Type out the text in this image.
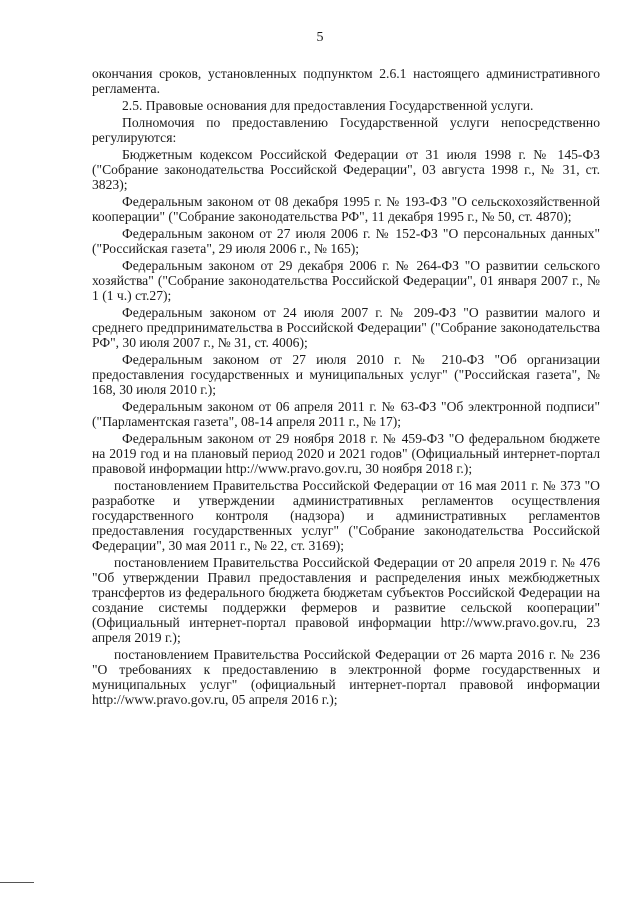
5

окончания сроков, установленных подпунктом 2.6.1 настоящего административного регламента.

2.5. Правовые основания для предоставления Государственной услуги.

Полномочия по предоставлению Государственной услуги непосредственно регулируются:

Бюджетным кодексом Российской Федерации от 31 июля 1998 г. № 145-ФЗ ("Собрание законодательства Российской Федерации", 03 августа 1998 г., № 31, ст. 3823);

Федеральным законом от 08 декабря 1995 г. № 193-ФЗ "О сельскохозяйственной кооперации" ("Собрание законодательства РФ", 11 декабря 1995 г., № 50, ст. 4870);

Федеральным законом от 27 июля 2006 г. № 152-ФЗ "О персональных данных" ("Российская газета", 29 июля 2006 г., № 165);

Федеральным законом от 29 декабря 2006 г. № 264-ФЗ "О развитии сельского хозяйства" ("Собрание законодательства Российской Федерации", 01 января 2007 г., № 1 (1 ч.) ст.27);

Федеральным законом от 24 июля 2007 г. № 209-ФЗ "О развитии малого и среднего предпринимательства в Российской Федерации" ("Собрание законодательства РФ", 30 июля 2007 г., № 31, ст. 4006);

Федеральным законом от 27 июля 2010 г. № 210-ФЗ "Об организации предоставления государственных и муниципальных услуг" ("Российская газета", № 168, 30 июля 2010 г.);

Федеральным законом от 06 апреля 2011 г. № 63-ФЗ "Об электронной подписи" ("Парламентская газета", 08-14 апреля 2011 г., № 17);

Федеральным законом от 29 ноября 2018 г. № 459-ФЗ "О федеральном бюджете на 2019 год и на плановый период 2020 и 2021 годов" (Официальный интернет-портал правовой информации http://www.pravo.gov.ru, 30 ноября 2018 г.);

постановлением Правительства Российской Федерации от 16 мая 2011 г. № 373 "О разработке и утверждении административных регламентов осуществления государственного контроля (надзора) и административных регламентов предоставления государственных услуг" ("Собрание законодательства Российской Федерации", 30 мая 2011 г., № 22, ст. 3169);

постановлением Правительства Российской Федерации от 20 апреля 2019 г. № 476 "Об утверждении Правил предоставления и распределения иных межбюджетных трансфертов из федерального бюджета бюджетам субъектов Российской Федерации на создание системы поддержки фермеров и развитие сельской кооперации" (Официальный интернет-портал правовой информации http://www.pravo.gov.ru, 23 апреля 2019 г.);

постановлением Правительства Российской Федерации от 26 марта 2016 г. № 236 "О требованиях к предоставлению в электронной форме государственных и муниципальных услуг" (официальный интернет-портал правовой информации http://www.pravo.gov.ru, 05 апреля 2016 г.);
